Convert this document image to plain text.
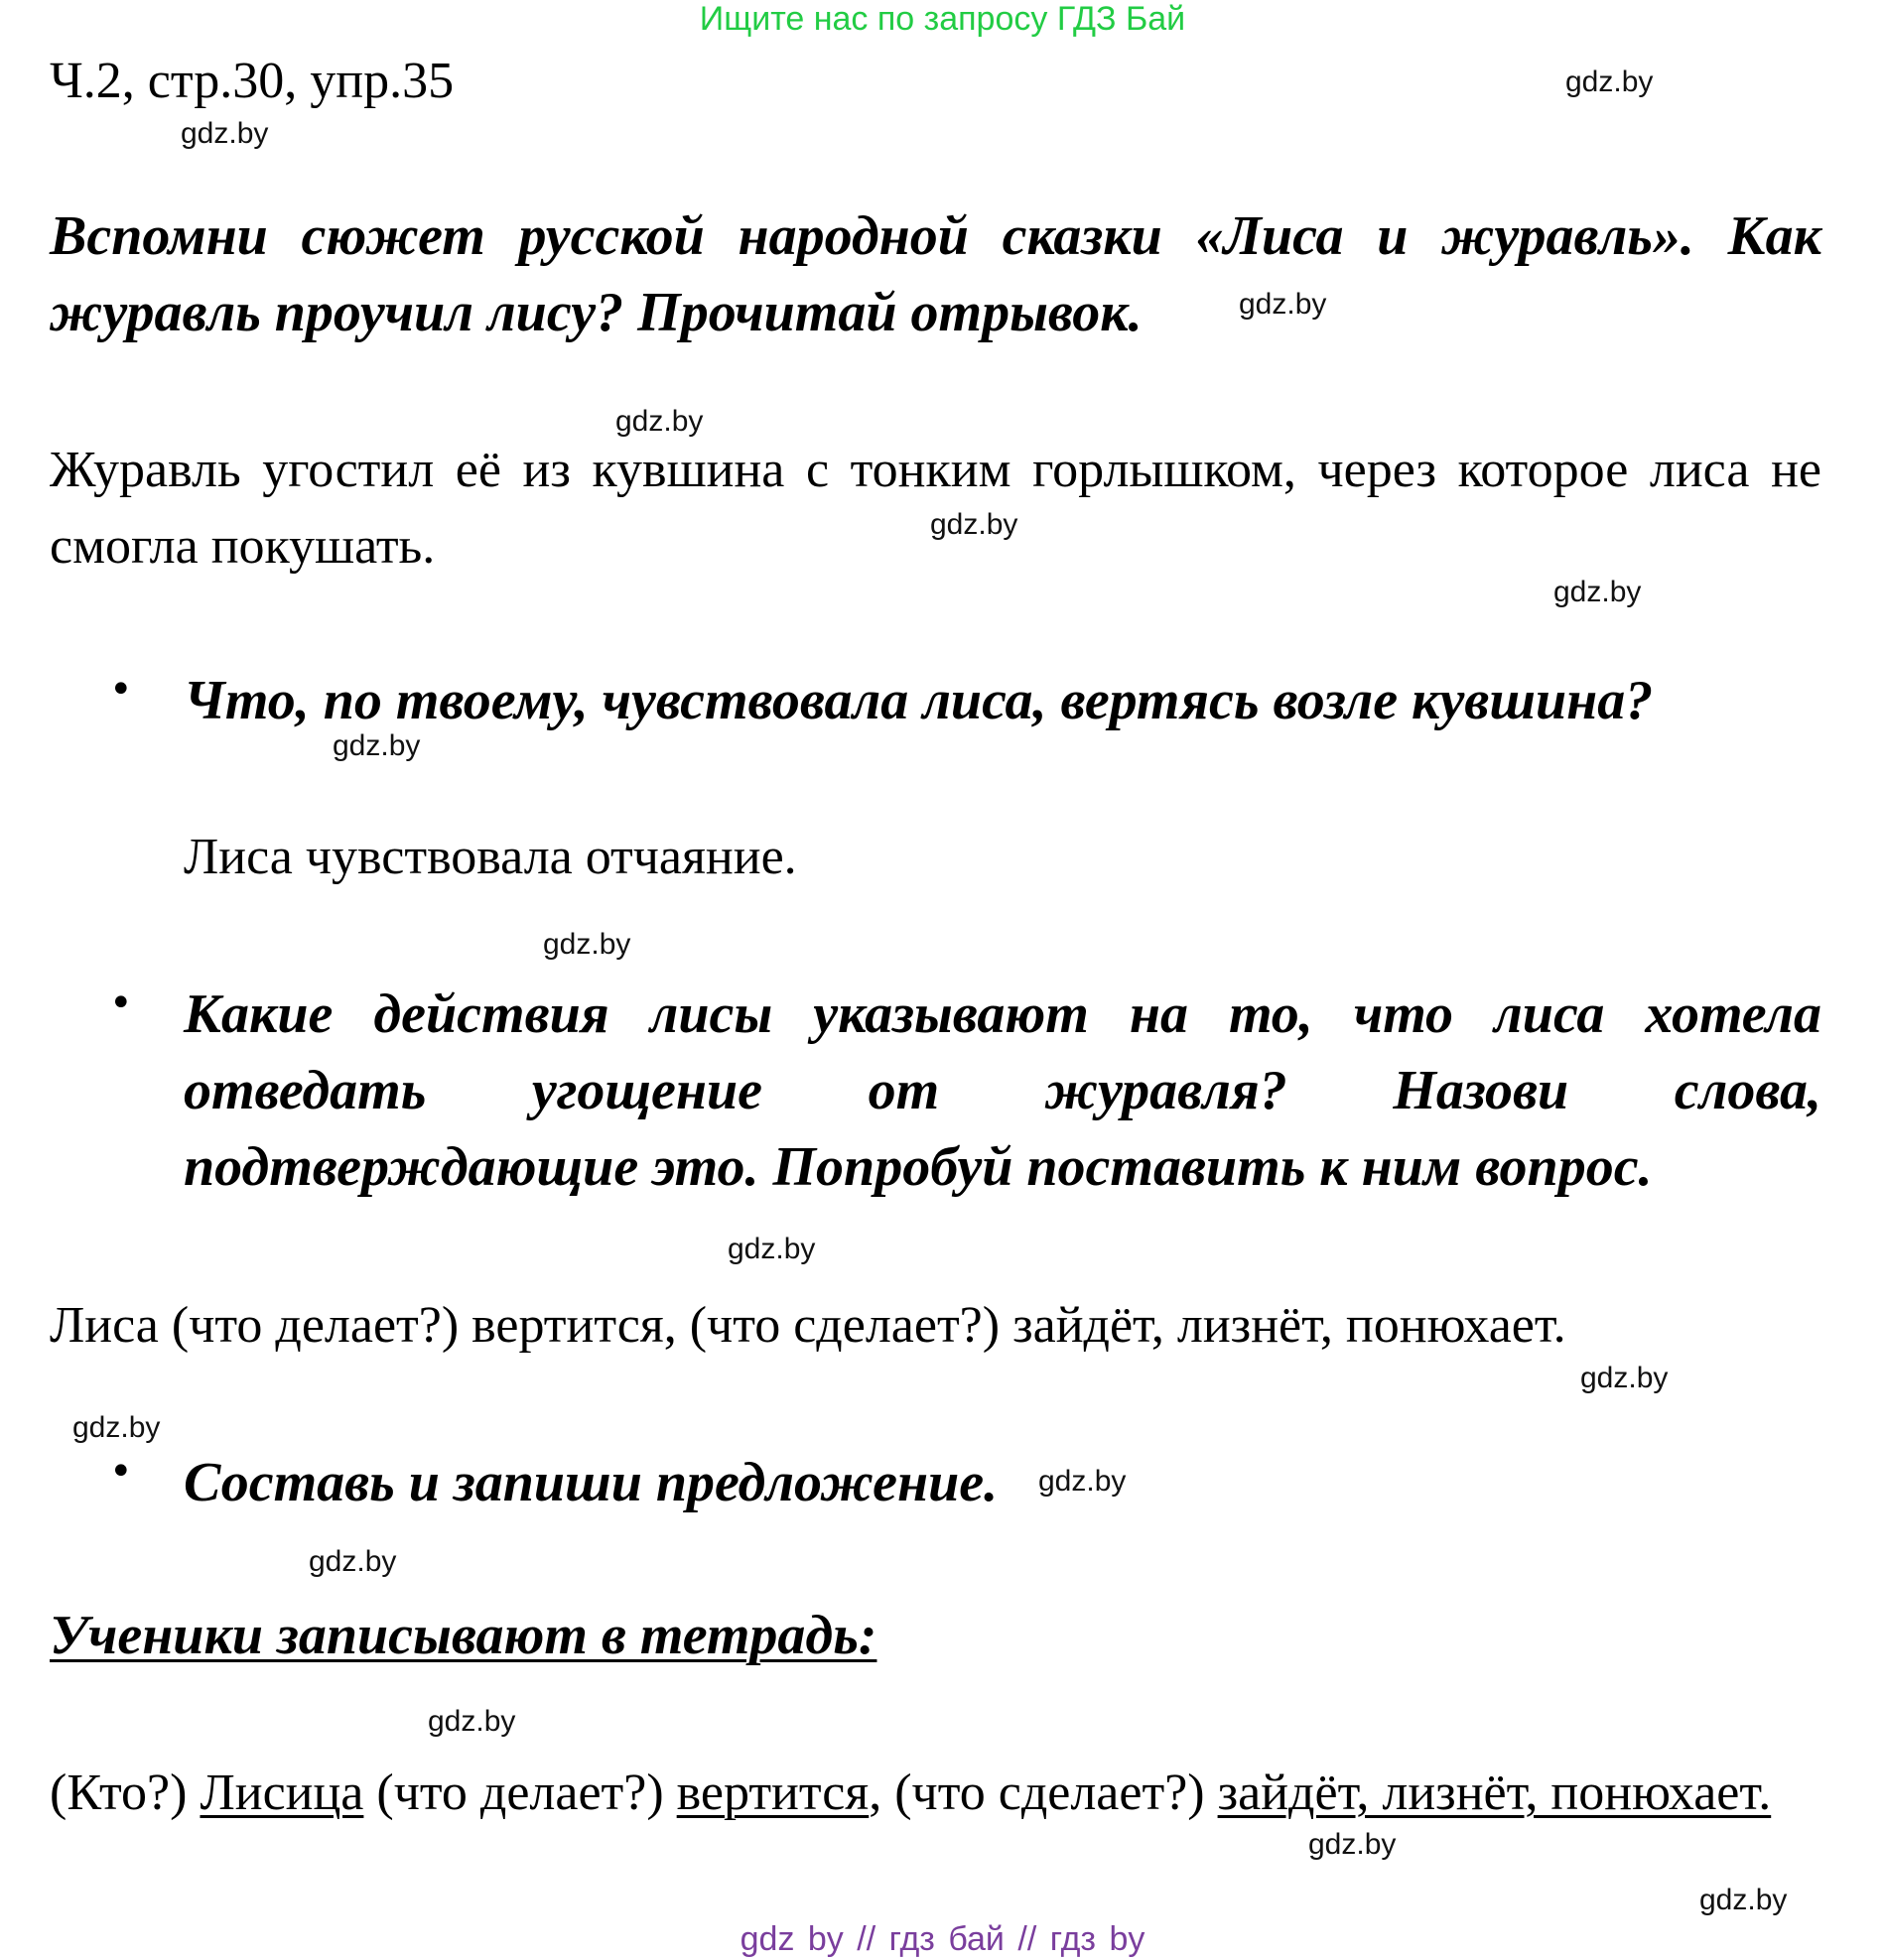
Ищите нас по запросу ГДЗ Бай
Ч.2, стр.30, упр.35
Вспомни сюжет русской народной сказки «Лиса и журавль». Как журавль проучил лису? Прочитай отрывок.
Журавль угостил её из кувшина с тонким горлышком, через которое лиса не смогла покушать.
• Что, по твоему, чувствовала лиса, вертясь возле кувшина?
Лиса чувствовала отчаяние.
• Какие действия лисы указывают на то, что лиса хотела отведать угощение от журавля? Назови слова, подтверждающие это. Попробуй поставить к ним вопрос.
Лиса (что делает?) вертится, (что сделает?) зайдёт, лизнёт, понюхает.
• Составь и запиши предложение.
Ученики записывают в тетрадь:
(Кто?) Лисица (что делает?) вертится, (что сделает?) зайдёт, лизнёт, понюхает.
gdz.by
gdz.by
gdz.by
gdz.by
gdz.by
gdz.by
gdz.by
gdz.by
gdz.by
gdz.by
gdz.by
gdz.by
gdz.by
gdz.by
gdz.by
gdz.by
gdz by // гдз бай // гдз by
